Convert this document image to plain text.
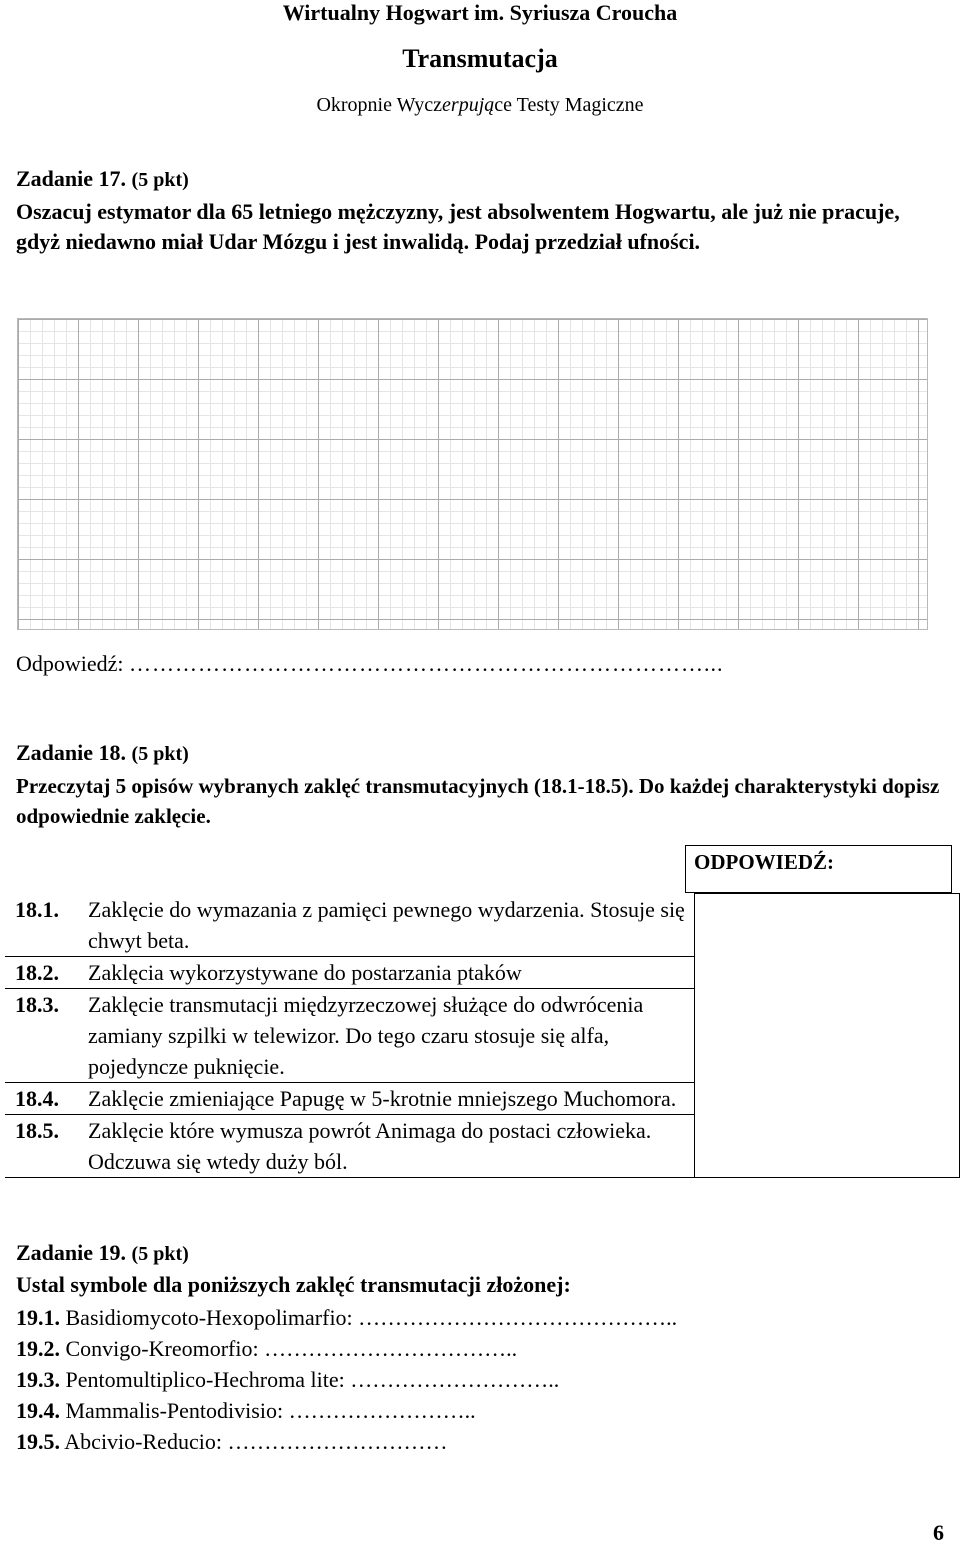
Wirtualny Hogwart im. Syriusza Croucha
Transmutacja
Okropnie Wyczerpujące Testy Magiczne
Zadanie 17. (5 pkt)
Oszacuj estymator dla 65 letniego mężczyzny, jest absolwentem Hogwartu, ale już nie pracuje, gdyż niedawno miał Udar Mózgu i jest inwalidą. Podaj przedział ufności.
Odpowiedź: …………………………………………………………………...
Zadanie 18. (5 pkt)
Przeczytaj 5 opisów wybranych zaklęć transmutacyjnych (18.1-18.5). Do każdej charakterystyki dopisz odpowiednie zaklęcie.
ODPOWIEDŹ:
18.1.	Zaklęcie do wymazania z pamięci pewnego wydarzenia. Stosuje się chwyt beta.	
18.2.	Zaklęcia wykorzystywane do postarzania ptaków	
18.3.	Zaklęcie transmutacji międzyrzeczowej służące do odwrócenia zamiany szpilki w telewizor. Do tego czaru stosuje się alfa, pojedyncze puknięcie.	
18.4.	Zaklęcie zmieniające Papugę w 5-krotnie mniejszego Muchomora.	
18.5.	Zaklęcie które wymusza powrót Animaga do postaci człowieka. Odczuwa się wtedy duży ból.	
Zadanie 19. (5 pkt)
Ustal symbole dla poniższych zaklęć transmutacji złożonej:
19.1. Basidiomycoto-Hexopolimarfio: ……………………………………..
19.2. Convigo-Kreomorfio: ……………………………..
19.3. Pentomultiplico-Hechroma lite: ………………………..
19.4. Mammalis-Pentodivisio: ……………………..
19.5. Abcivio-Reducio: …………………………
6
